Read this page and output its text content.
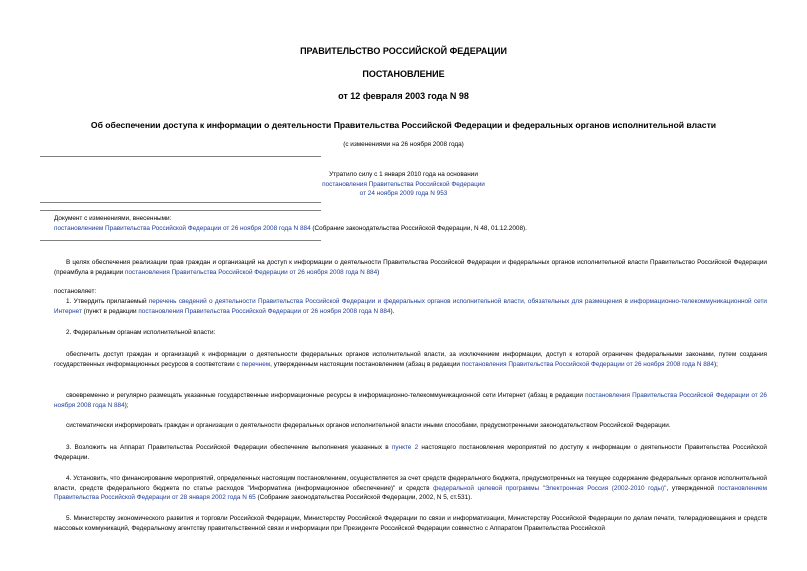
ПРАВИТЕЛЬСТВО РОССИЙСКОЙ ФЕДЕРАЦИИ
ПОСТАНОВЛЕНИЕ
от 12 февраля 2003 года N 98
Об обеспечении доступа к информации о деятельности Правительства Российской Федерации и федеральных органов исполнительной власти
(с изменениями на 26 ноября 2008 года)
Утратило силу с 1 января 2010 года на основании
постановления Правительства Российской Федерации
от 24 ноября 2009 года N 953
Документ с изменениями, внесенными:
постановлением Правительства Российской Федерации от 26 ноября 2008 года N 884 (Собрание законодательства Российской Федерации, N 48, 01.12.2008).
В целях обеспечения реализации прав граждан и организаций на доступ к информации о деятельности Правительства Российской Федерации и федеральных органов исполнительной власти Правительство Российской Федерации (преамбула в редакции постановления Правительства Российской Федерации от 26 ноября 2008 года N 884)
постановляет:
1. Утвердить прилагаемый перечень сведений о деятельности Правительства Российской Федерации и федеральных органов исполнительной власти, обязательных для размещения в информационно-телекоммуникационной сети Интернет (пункт в редакции постановления Правительства Российской Федерации от 26 ноября 2008 года N 884).
2. Федеральным органам исполнительной власти:
обеспечить доступ граждан и организаций к информации о деятельности федеральных органов исполнительной власти, за исключением информации, доступ к которой ограничен федеральными законами, путем создания государственных информационных ресурсов в соответствии с перечнем, утвержденным настоящим постановлением (абзац в редакции постановления Правительства Российской Федерации от 26 ноября 2008 года N 884);
своевременно и регулярно размещать указанные государственные информационные ресурсы в информационно-телекоммуникационной сети Интернет (абзац в редакции постановления Правительства Российской Федерации от 26 ноября 2008 года N 884);
систематически информировать граждан и организации о деятельности федеральных органов исполнительной власти иными способами, предусмотренными законодательством Российской Федерации.
3. Возложить на Аппарат Правительства Российской Федерации обеспечение выполнения указанных в пункте 2 настоящего постановления мероприятий по доступу к информации о деятельности Правительства Российской Федерации.
4. Установить, что финансирование мероприятий, определенных настоящим постановлением, осуществляется за счет средств федерального бюджета, предусмотренных на текущее содержание федеральных органов исполнительной власти, средств федерального бюджета по статье расходов "Информатика (информационное обеспечение)" и средств федеральной целевой программы "Электронная Россия (2002-2010 годы)", утвержденной постановлением Правительства Российской Федерации от 28 января 2002 года N 65 (Собрание законодательства Российской Федерации, 2002, N 5, ст.531).
5. Министерству экономического развития и торговли Российской Федерации, Министерству Российской Федерации по связи и информатизации, Министерству Российской Федерации по делам печати, телерадиовещания и средств массовых коммуникаций, Федеральному агентству правительственной связи и информации при Президенте Российской Федерации совместно с Аппаратом Правительства Российской
